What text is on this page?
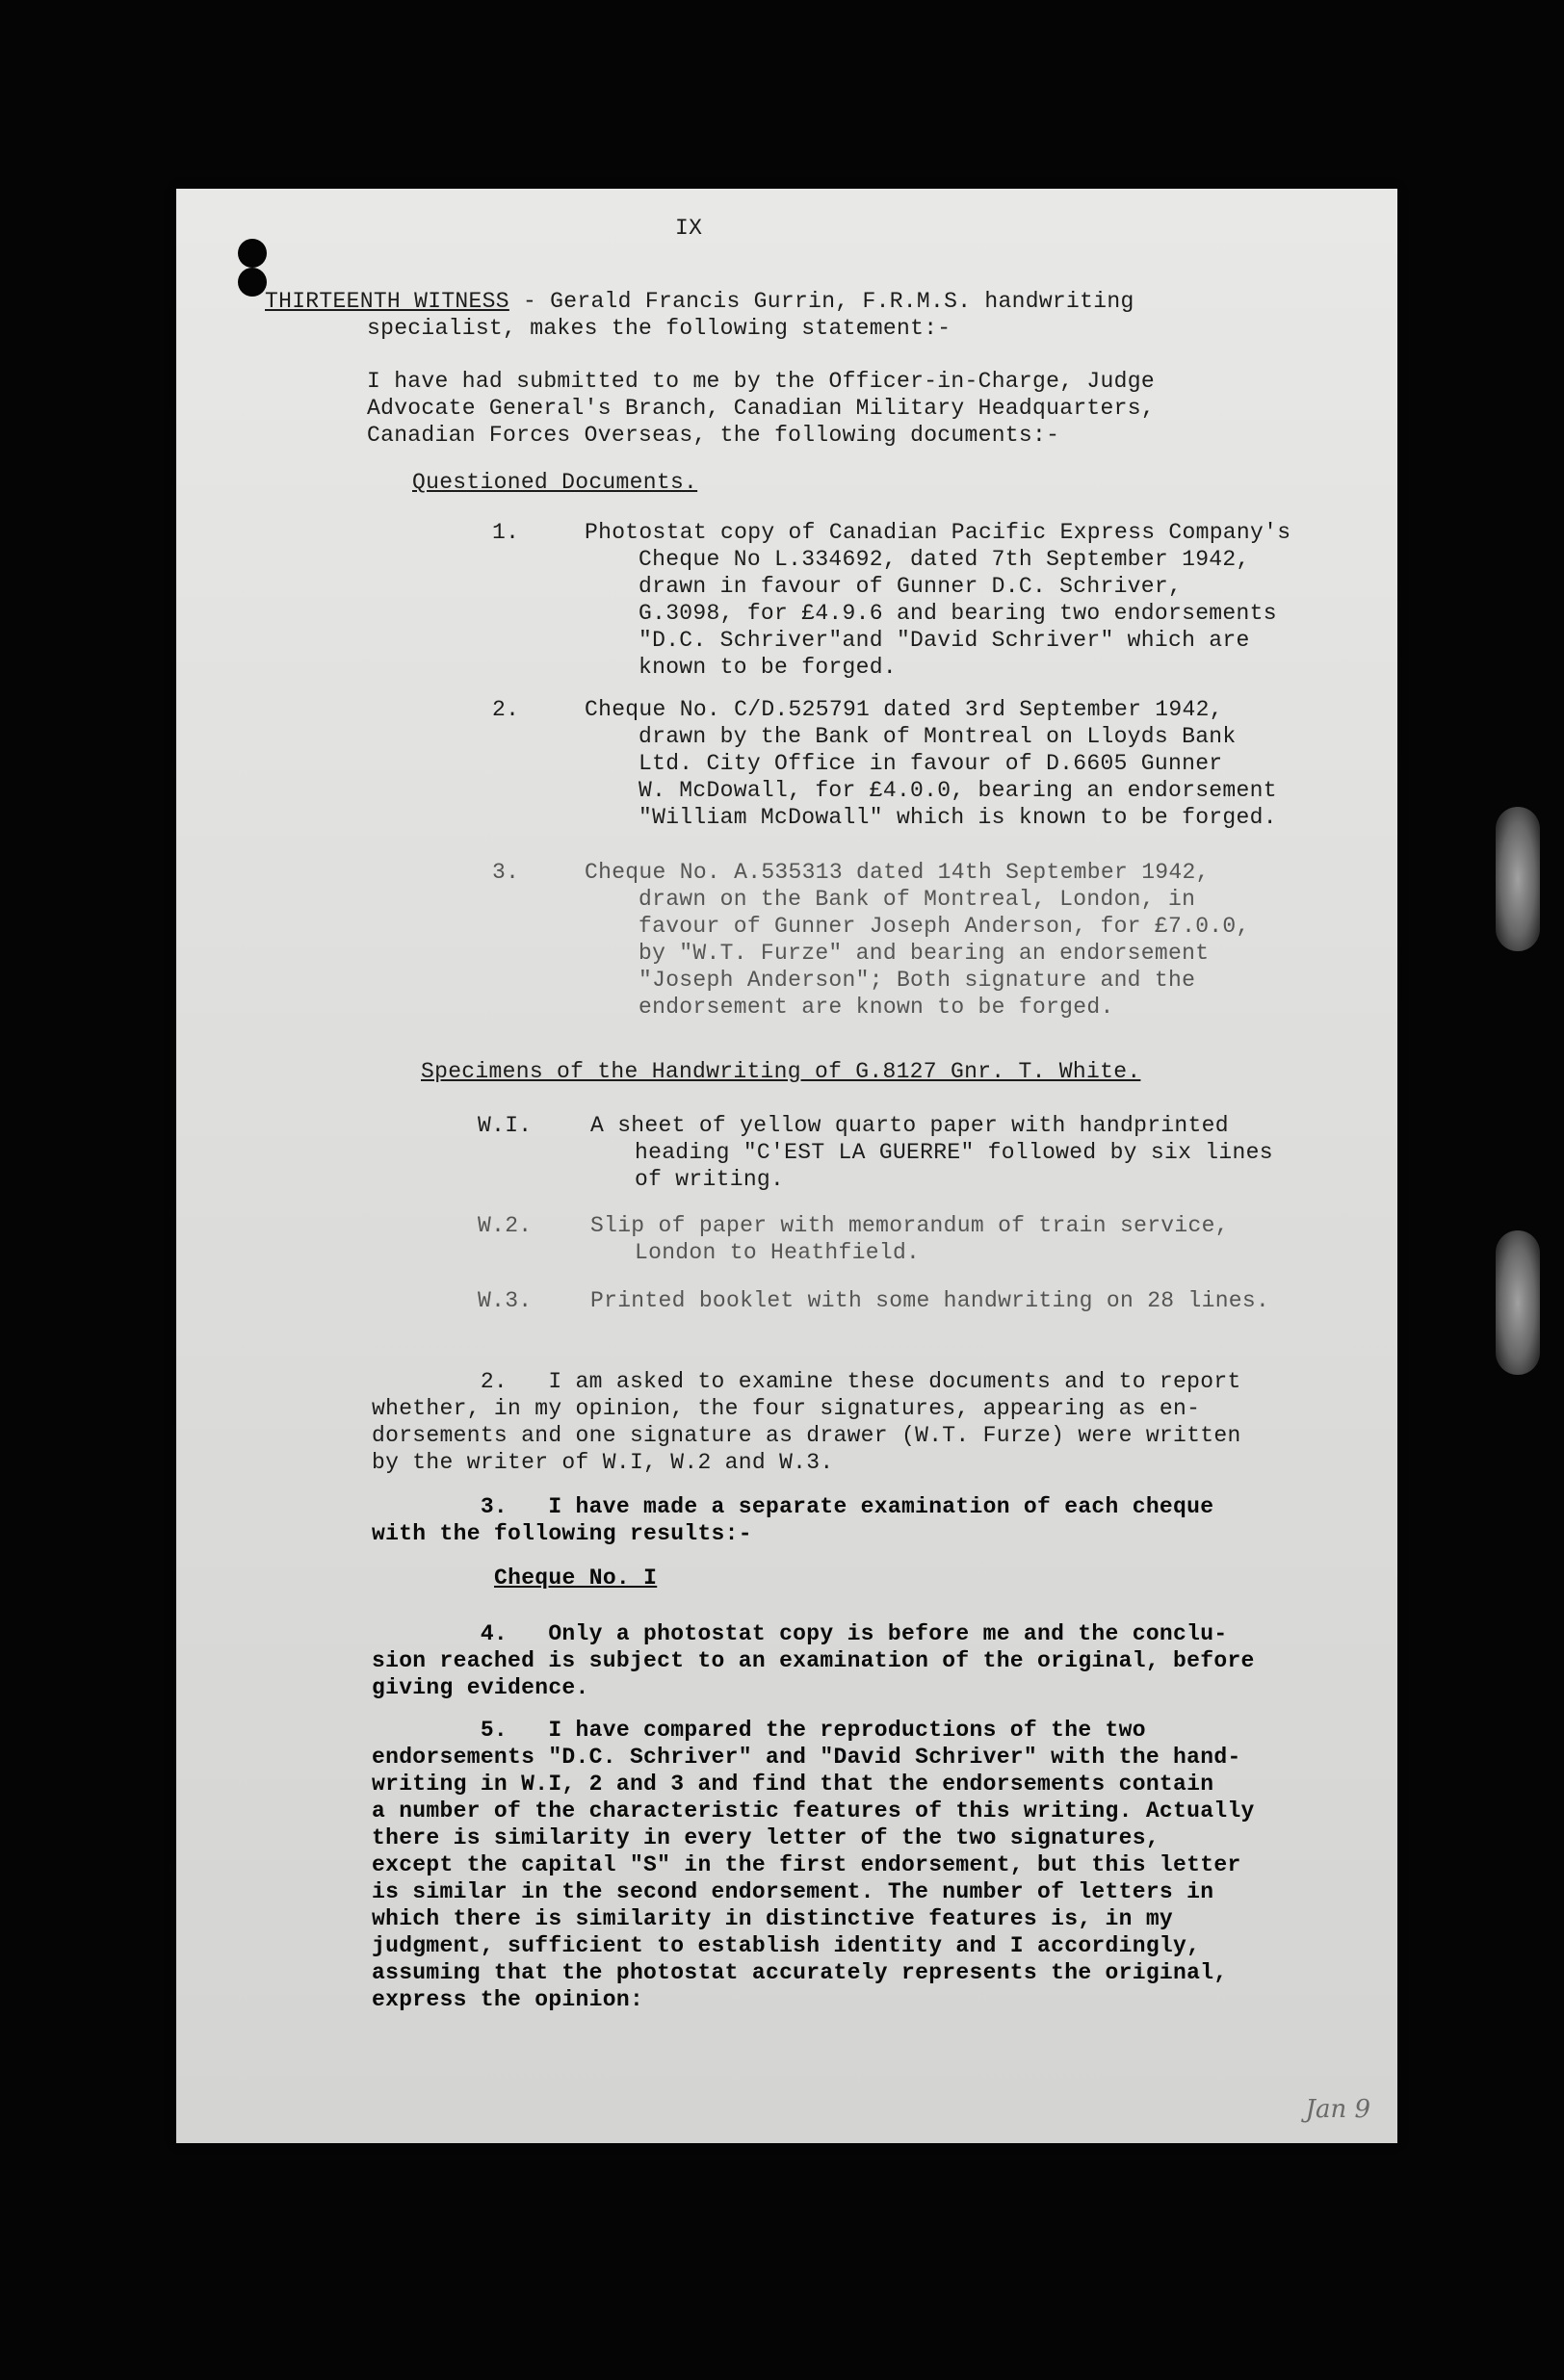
IX
THIRTEENTH WITNESS - Gerald Francis Gurrin, F.R.M.S. handwriting
specialist, makes the following statement:-
I have had submitted to me by the Officer-in-Charge, Judge
Advocate General's Branch, Canadian Military Headquarters,
Canadian Forces Overseas, the following documents:-
Questioned Documents.
1.	Photostat copy of Canadian Pacific Express Company's
Cheque No L.334692, dated 7th September 1942,
drawn in favour of Gunner D.C. Schriver,
G.3098, for £4.9.6 and bearing two endorsements
"D.C. Schriver"and "David Schriver" which are
known to be forged.
2.	Cheque No. C/D.525791 dated 3rd September 1942,
drawn by the Bank of Montreal on Lloyds Bank
Ltd. City Office in favour of D.6605 Gunner
W. McDowall, for £4.0.0, bearing an endorsement
"William McDowall" which is known to be forged.
3.	Cheque No. A.535313 dated 14th September 1942,
drawn on the Bank of Montreal, London, in
favour of Gunner Joseph Anderson, for £7.0.0,
by "W.T. Furze" and bearing an endorsement
"Joseph Anderson"; Both signature and the
endorsement are known to be forged.
Specimens of the Handwriting of G.8127 Gnr. T. White.
W.I.	A sheet of yellow quarto paper with handprinted
heading "C'EST LA GUERRE" followed by six lines
of writing.
W.2.	Slip of paper with memorandum of train service,
London to Heathfield.
W.3.	Printed booklet with some handwriting on 28 lines.
2.   I am asked to examine these documents and to report
whether, in my opinion, the four signatures, appearing as en-
dorsements and one signature as drawer (W.T. Furze) were written
by the writer of W.I, W.2 and W.3.
3.   I have made a separate examination of each cheque
with the following results:-
Cheque No. I
4.   Only a photostat copy is before me and the conclu-
sion reached is subject to an examination of the original, before
giving evidence.
5.   I have compared the reproductions of the two
endorsements "D.C. Schriver" and "David Schriver" with the hand-
writing in W.I, 2 and 3 and find that the endorsements contain
a number of the characteristic features of this writing. Actually
there is similarity in every letter of the two signatures,
except the capital "S" in the first endorsement, but this letter
is similar in the second endorsement. The number of letters in
which there is similarity in distinctive features is, in my
judgment, sufficient to establish identity and I accordingly,
assuming that the photostat accurately represents the original,
express the opinion:
Jan 9
